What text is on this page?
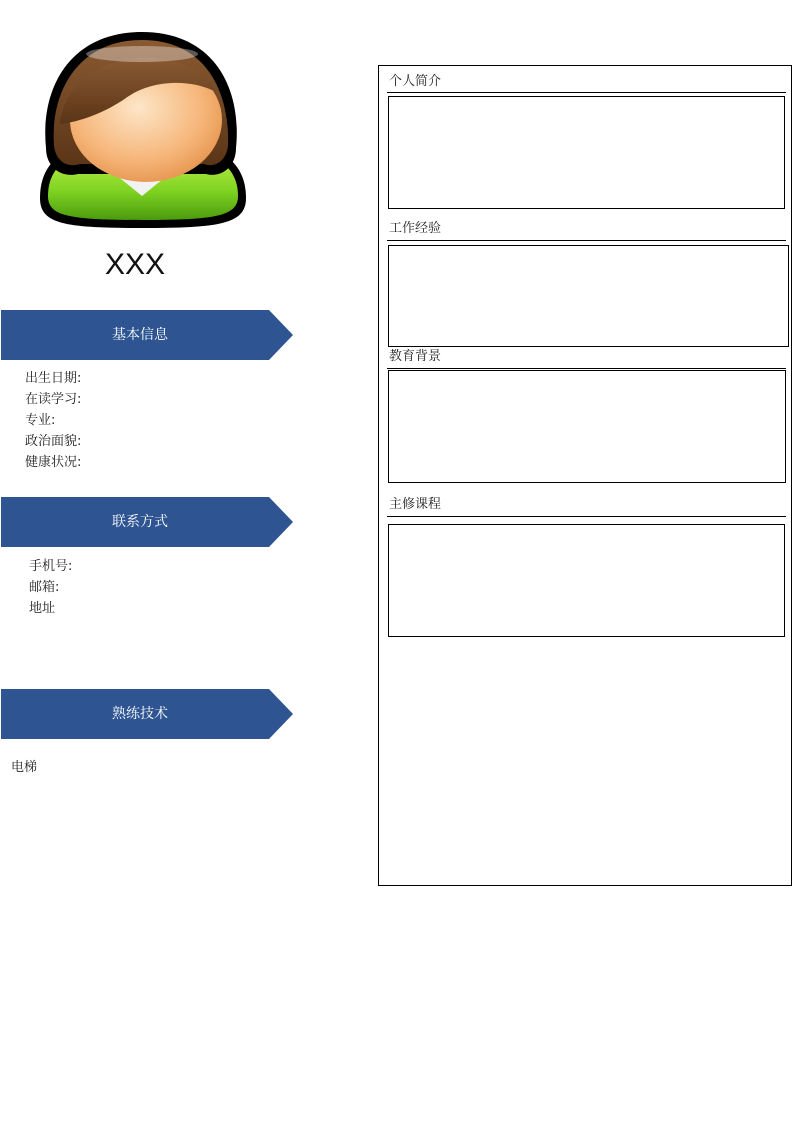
XXX
基本信息
出生日期:
在读学习:
专业:
政治面貌:
健康状况:
联系方式
手机号:
邮箱:
地址
熟练技术
电梯
个人简介
工作经验
教育背景
主修课程
